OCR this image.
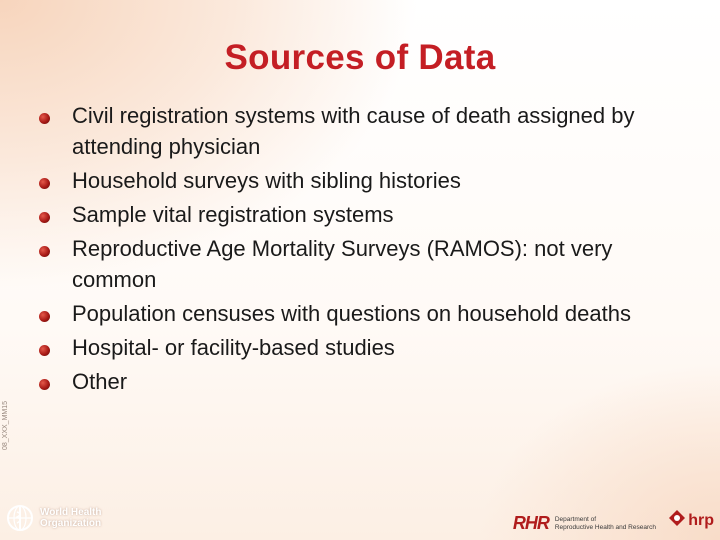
Sources of Data
Civil registration systems with cause of death assigned by attending physician
Household surveys with sibling histories
Sample vital registration systems
Reproductive Age Mortality Surveys (RAMOS): not very common
Population censuses with questions on household deaths
Hospital- or facility-based studies
Other
08_XXX_MM15
World Health
Organization	RHR Department of
Reproductive Health and Research hrp
